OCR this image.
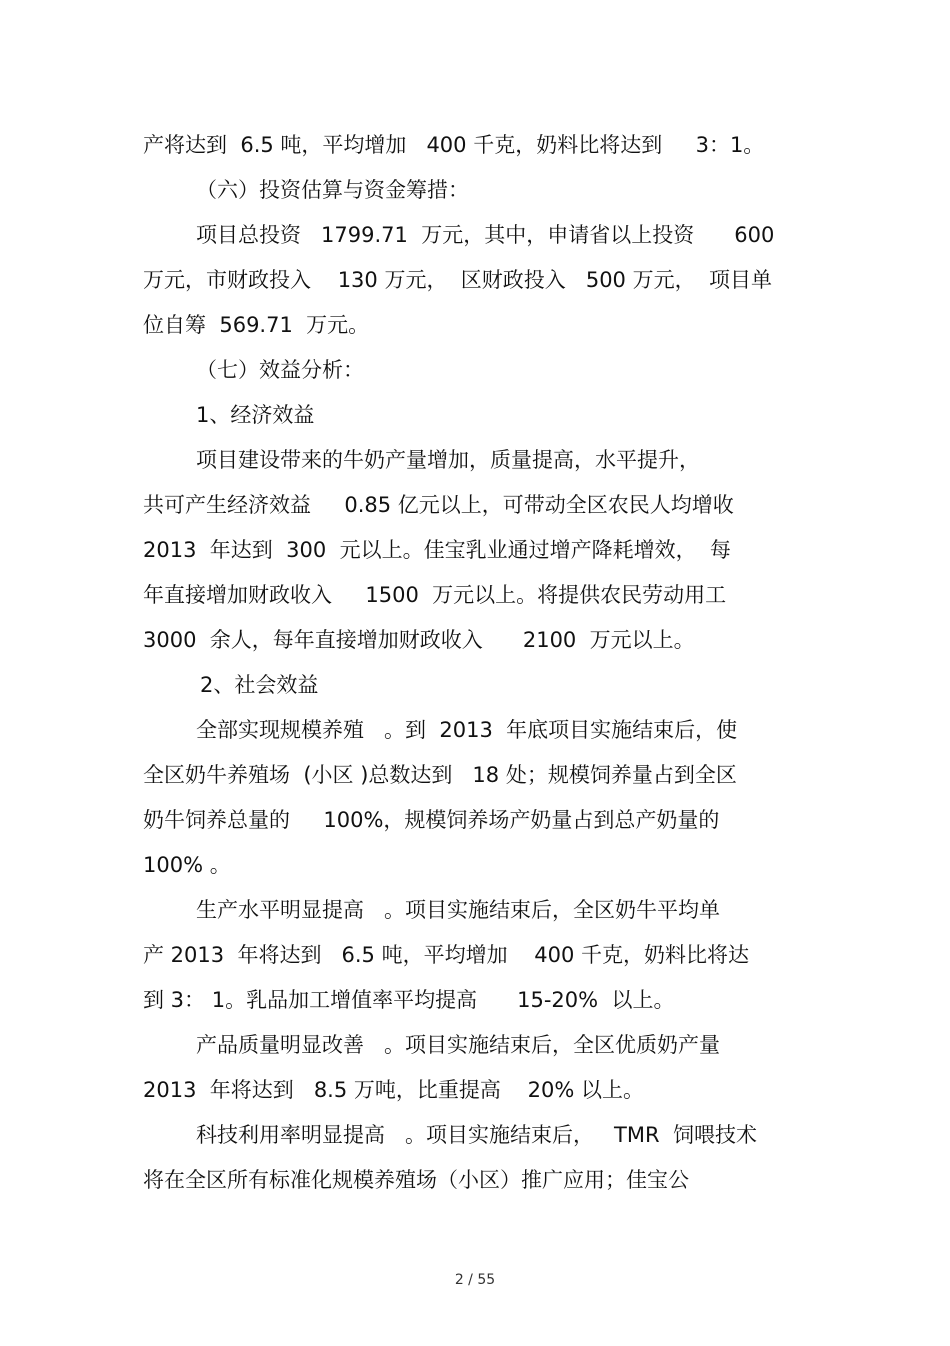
产将达到  6.5 吨，平均增加   400 千克，奶料比将达到     3：1。
（六）投资估算与资金筹措：
项目总投资   1799.71  万元，其中，申请省以上投资      600
万元，市财政投入    130 万元，  区财政投入   500 万元，  项目单
位自筹  569.71  万元。
（七）效益分析：
1、经济效益
项目建设带来的牛奶产量增加，质量提高，水平提升，
共可产生经济效益     0.85 亿元以上，可带动全区农民人均增收
2013  年达到  300  元以上。佳宝乳业通过增产降耗增效，  每
年直接增加财政收入     1500  万元以上。将提供农民劳动用工
3000  余人，每年直接增加财政收入      2100  万元以上。
2、社会效益
全部实现规模养殖   。到  2013  年底项目实施结束后，使
全区奶牛养殖场  (小区 )总数达到   18 处；规模饲养量占到全区
奶牛饲养总量的     100%，规模饲养场产奶量占到总产奶量的
100% 。
生产水平明显提高   。项目实施结束后，全区奶牛平均单
产 2013  年将达到   6.5 吨，平均增加    400 千克，奶料比将达
到 3： 1。乳品加工增值率平均提高      15-20%  以上。
产品质量明显改善   。项目实施结束后，全区优质奶产量
2013  年将达到   8.5 万吨，比重提高    20% 以上。
科技利用率明显提高   。项目实施结束后，   TMR  饲喂技术
将在全区所有标准化规模养殖场（小区）推广应用；佳宝公
2 / 55
